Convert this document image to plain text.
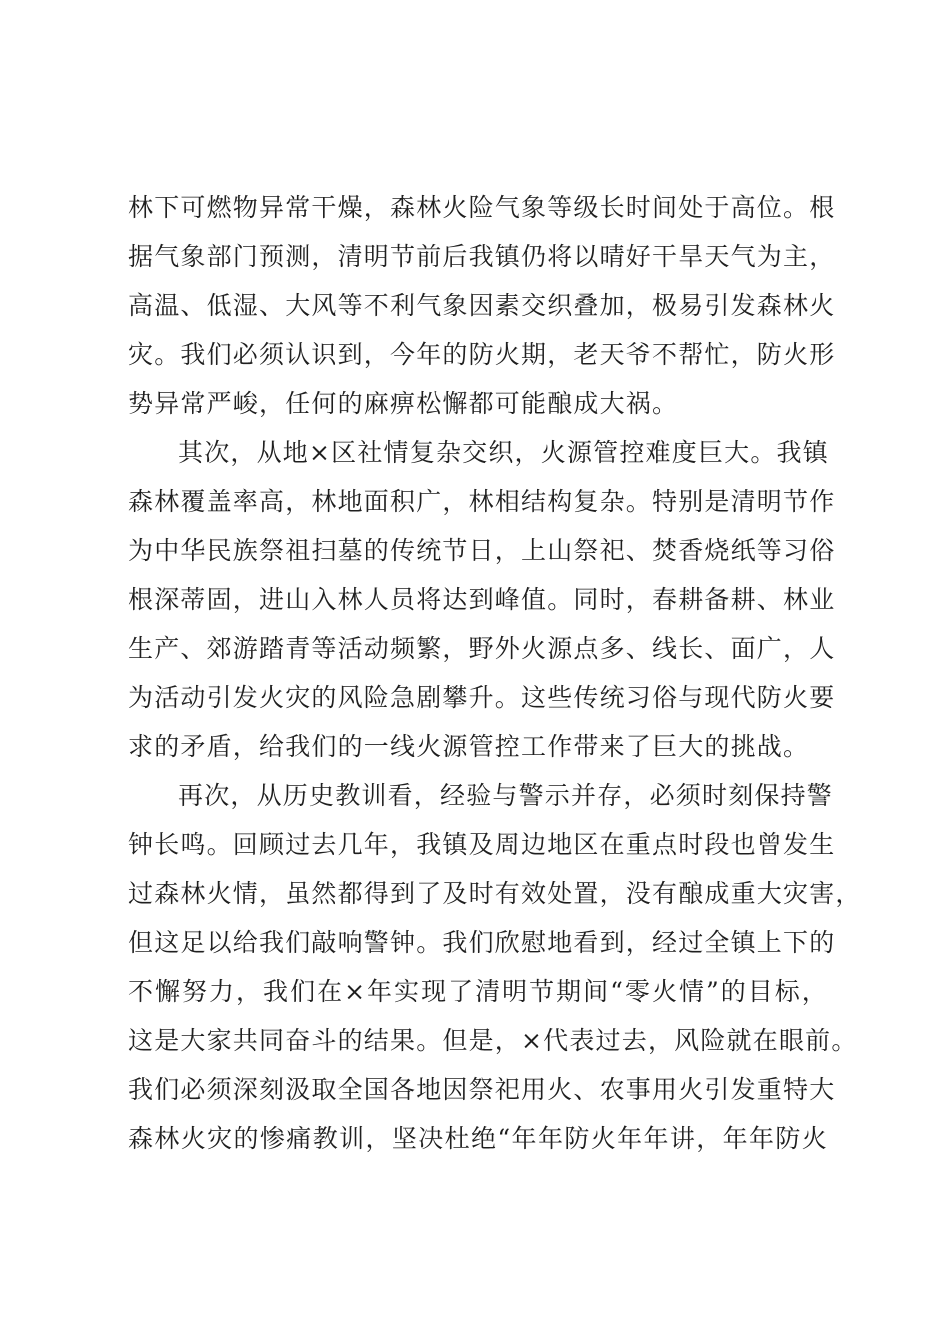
林下可燃物异常干燥，森林火险气象等级长时间处于高位。根
据气象部门预测，清明节前后我镇仍将以晴好干旱天气为主，
高温、低湿、大风等不利气象因素交织叠加，极易引发森林火
灾。我们必须认识到，今年的防火期，老天爷不帮忙，防火形
势异常严峻，任何的麻痹松懈都可能酿成大祸。
其次，从地×区社情复杂交织，火源管控难度巨大。我镇
森林覆盖率高，林地面积广，林相结构复杂。特别是清明节作
为中华民族祭祖扫墓的传统节日，上山祭祀、焚香烧纸等习俗
根深蒂固，进山入林人员将达到峰值。同时，春耕备耕、林业
生产、郊游踏青等活动频繁，野外火源点多、线长、面广，人
为活动引发火灾的风险急剧攀升。这些传统习俗与现代防火要
求的矛盾，给我们的一线火源管控工作带来了巨大的挑战。
再次，从历史教训看，经验与警示并存，必须时刻保持警
钟长鸣。回顾过去几年，我镇及周边地区在重点时段也曾发生
过森林火情，虽然都得到了及时有效处置，没有酿成重大灾害，
但这足以给我们敲响警钟。我们欣慰地看到，经过全镇上下的
不懈努力，我们在×年实现了清明节期间“零火情”的目标，
这是大家共同奋斗的结果。但是，×代表过去，风险就在眼前。
我们必须深刻汲取全国各地因祭祀用火、农事用火引发重特大
森林火灾的惨痛教训，坚决杜绝“年年防火年年讲，年年防火
